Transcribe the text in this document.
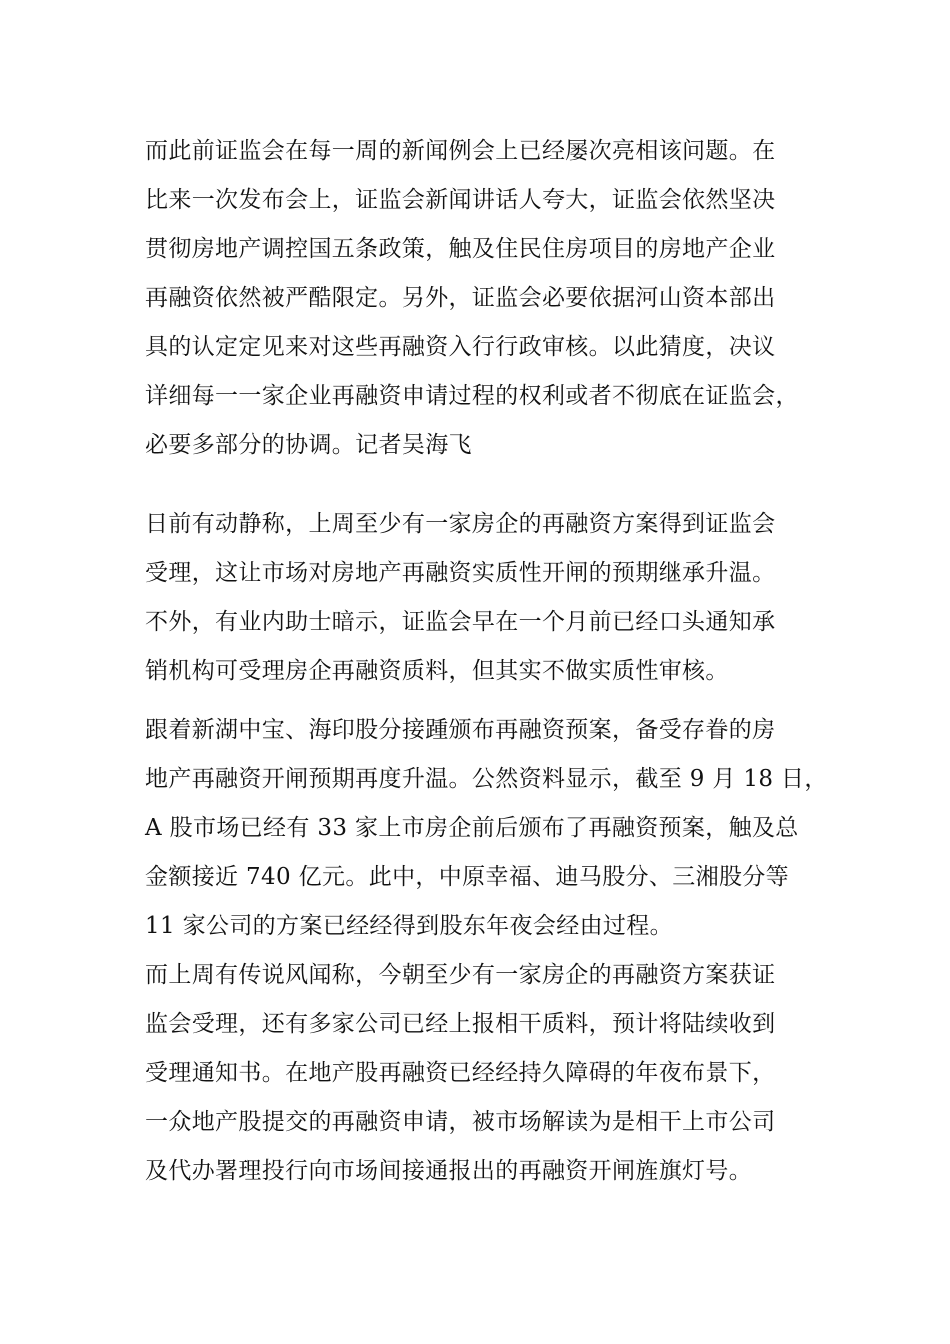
而此前证监会在每一周的新闻例会上已经屡次亮相该问题。在
比来一次发布会上，证监会新闻讲话人夸大，证监会依然坚决
贯彻房地产调控国五条政策，触及住民住房项目的房地产企业
再融资依然被严酷限定。另外，证监会必要依据河山资本部出
具的认定定见来对这些再融资入行行政审核。以此猜度，决议
详细每一一家企业再融资申请过程的权利或者不彻底在证监会，
必要多部分的协调。记者吴海飞
日前有动静称，上周至少有一家房企的再融资方案得到证监会
受理，这让市场对房地产再融资实质性开闸的预期继承升温。
不外，有业内助士暗示，证监会早在一个月前已经口头通知承
销机构可受理房企再融资质料，但其实不做实质性审核。
跟着新湖中宝、海印股分接踵颁布再融资预案，备受存眷的房
地产再融资开闸预期再度升温。公然资料显示，截至 9 月 18 日，
A 股市场已经有 33 家上市房企前后颁布了再融资预案，触及总
金额接近 740 亿元。此中，中原幸福、迪马股分、三湘股分等
11 家公司的方案已经经得到股东年夜会经由过程。
而上周有传说风闻称，今朝至少有一家房企的再融资方案获证
监会受理，还有多家公司已经上报相干质料，预计将陆续收到
受理通知书。在地产股再融资已经经持久障碍的年夜布景下，
一众地产股提交的再融资申请，被市场解读为是相干上市公司
及代办署理投行向市场间接通报出的再融资开闸旌旗灯号。
